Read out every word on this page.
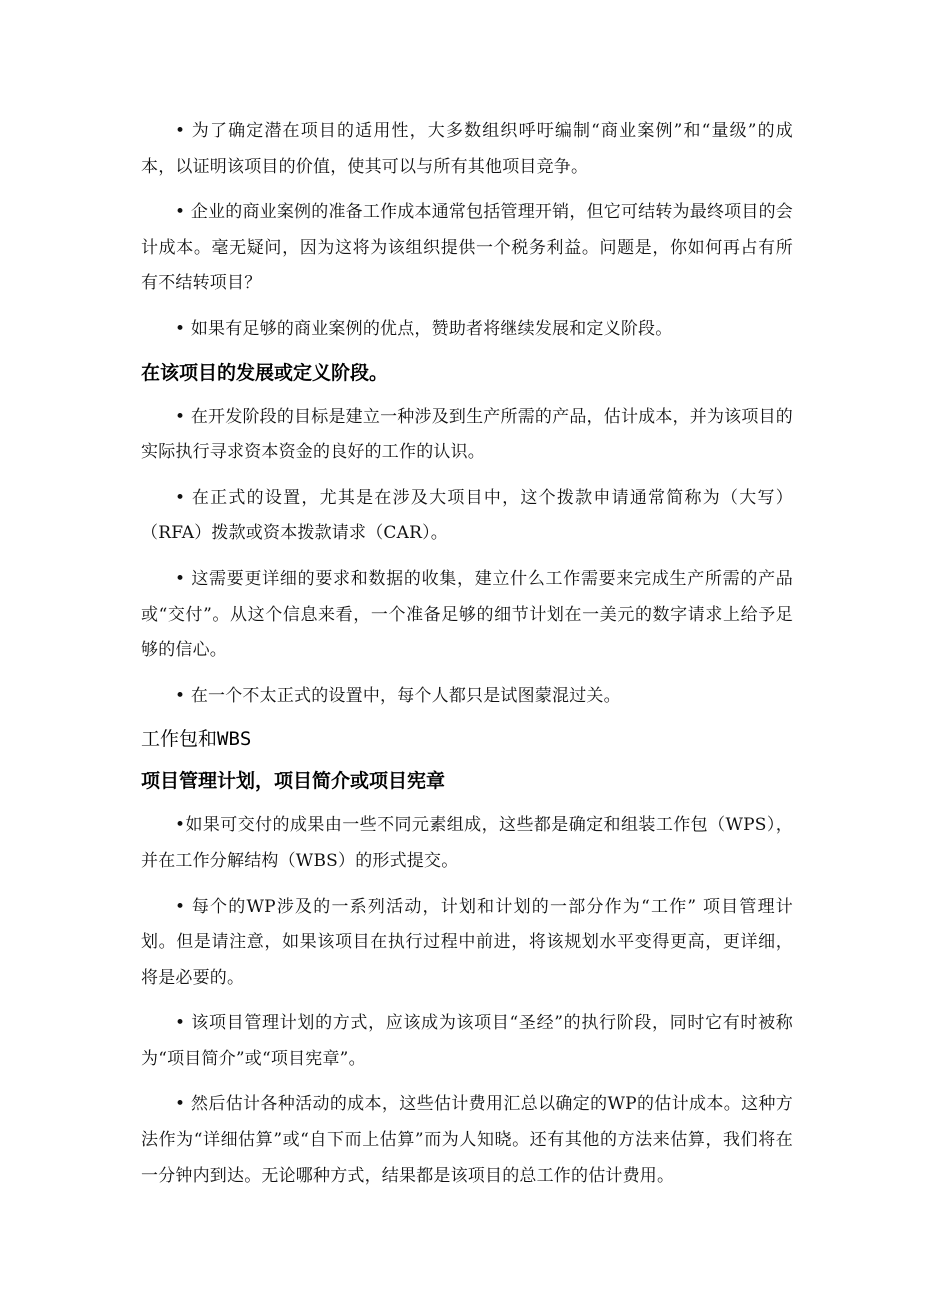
• 为了确定潜在项目的适用性，大多数组织呼吁编制“商业案例”和“量级”的成本，以证明该项目的价值，使其可以与所有其他项目竞争。

• 企业的商业案例的准备工作成本通常包括管理开销，但它可结转为最终项目的会计成本。毫无疑问，因为这将为该组织提供一个税务利益。问题是，你如何再占有所有不结转项目？

• 如果有足够的商业案例的优点，赞助者将继续发展和定义阶段。

在该项目的发展或定义阶段。

• 在开发阶段的目标是建立一种涉及到生产所需的产品，估计成本，并为该项目的实际执行寻求资本资金的良好的工作的认识。

• 在正式的设置，尤其是在涉及大项目中，这个拨款申请通常简称为（大写）（RFA）拨款或资本拨款请求（CAR）。

• 这需要更详细的要求和数据的收集，建立什么工作需要来完成生产所需的产品或“交付”。从这个信息来看，一个准备足够的细节计划在一美元的数字请求上给予足够的信心。

• 在一个不太正式的设置中，每个人都只是试图蒙混过关。

工作包和WBS
项目管理计划，项目简介或项目宪章

•如果可交付的成果由一些不同元素组成，这些都是确定和组装工作包（WPS），并在工作分解结构（WBS）的形式提交。

• 每个的WP涉及的一系列活动，计划和计划的一部分作为“工作” 项目管理计划。但是请注意，如果该项目在执行过程中前进，将该规划水平变得更高，更详细，将是必要的。

• 该项目管理计划的方式，应该成为该项目“圣经”的执行阶段，同时它有时被称为“项目简介”或“项目宪章”。

• 然后估计各种活动的成本，这些估计费用汇总以确定的WP的估计成本。这种方法作为“详细估算”或“自下而上估算”而为人知晓。还有其他的方法来估算，我们将在一分钟内到达。无论哪种方式，结果都是该项目的总工作的估计费用。
